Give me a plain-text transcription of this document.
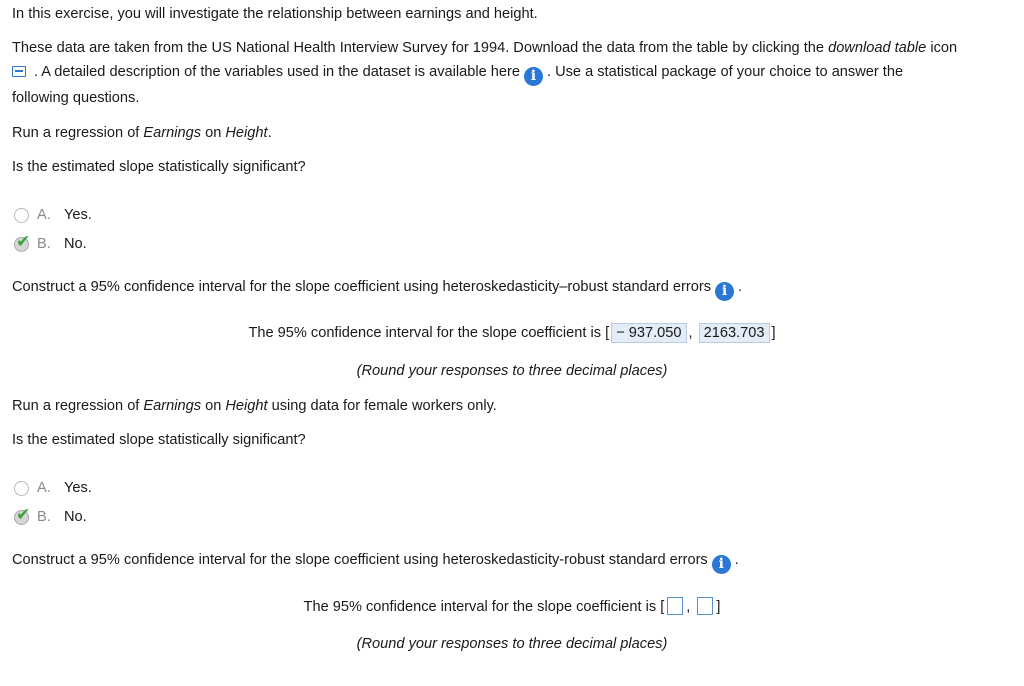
In this exercise, you will investigate the relationship between earnings and height.
These data are taken from the US National Health Interview Survey for 1994. Download the data from the table by clicking the download table icon
. A detailed description of the variables used in the dataset is available here i . Use a statistical package of your choice to answer the
following questions.
Run a regression of Earnings on Height.
Is the estimated slope statistically significant?
A. Yes.
✔ B. No.
Construct a 95% confidence interval for the slope coefficient using heteroskedasticity–robust standard errors i .
The 95% confidence interval for the slope coefficient is [ − 937.050 , 2163.703 ]
(Round your responses to three decimal places)
Run a regression of Earnings on Height using data for female workers only.
Is the estimated slope statistically significant?
A. Yes.
✔ B. No.
Construct a 95% confidence interval for the slope coefficient using heteroskedasticity-robust standard errors i .
The 95% confidence interval for the slope coefficient is [ , ]
(Round your responses to three decimal places)
